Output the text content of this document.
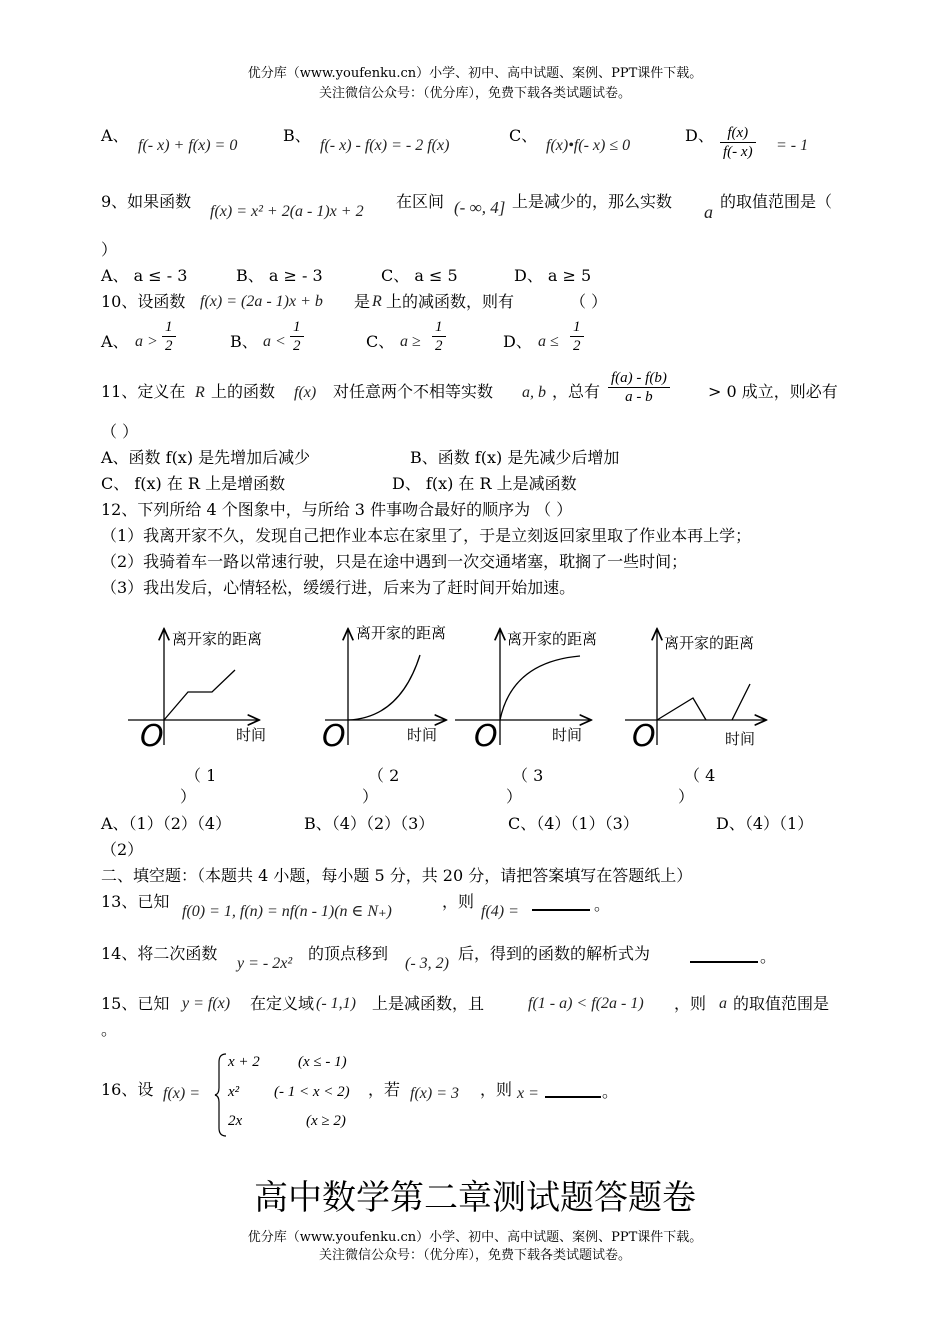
优分库（www.youfenku.cn）小学、初中、高中试题、案例、PPT课件下载。
关注微信公众号：（优分库），免费下载各类试题试卷。
A、
f(- x) + f(x) = 0
B、
f(- x) - f(x) = - 2 f(x)
C、
f(x)•f(- x) ≤ 0
D、 $\frac{f(x)}{f(- x)}$ = - 1
9、如果函数
f(x) = x² + 2(a - 1)x + 2
在区间 (- ∞, 4] 上是减少的，那么实数
a
的取值范围是（
）
A、 a ≤ - 3	B、 a ≥ - 3	C、 a ≤ 5	D、 a ≥ 5
10、设函数 f(x) = (2a - 1)x + b 是 R 上的减函数，则有	（ ）
A、 $a > \frac{1}{2}$	B、 $a < \frac{1}{2}$	C、 $a \ge \frac{1}{2}$	D、 $a \le \frac{1}{2}$
11、定义在 R 上的函数 f(x) 对任意两个不相等实数 a, b ，总有 $\frac{f(a) - f(b)}{a - b} > 0$ 成立，则必有
（ ）
A、函数 f(x) 是先增加后减少	B、函数 f(x) 是先减少后增加
C、 f(x) 在 R 上是增函数	D、 f(x) 在 R 上是减函数
12、下列所给 4 个图象中，与所给 3 件事吻合最好的顺序为 （ ）
（1）我离开家不久，发现自己把作业本忘在家里了，于是立刻返回家里取了作业本再上学；
（2）我骑着车一路以常速行驶，只是在途中遇到一次交通堵塞，耽搁了一些时间；
（3）我出发后，心情轻松，缓缓行进，后来为了赶时间开始加速。
离开家的距离
时间
O
离开家的距离
时间
O
离开家的距离
时间
O
离开家的距离
时间
O
（ 1
）
（ 2
）
（ 3
）
（ 4
）
A、（1）（2）（4）	B、（4）（2）（3）	C、（4）（1）（3）	D、（4）（1）
（2）
二、填空题：（本题共 4 小题，每小题 5 分，共 20 分，请把答案填写在答题纸上）
13、已知
f(0) = 1, f(n) = nf(n - 1)(n ∈ N₊)
，则
f(4) =	。
14、将二次函数
y = - 2x²
的顶点移到
(- 3, 2)
后，得到的函数的解析式为	。
15、已知 y = f(x) 在定义域 (- 1,1) 上是减函数，且	f(1 - a) < f(2a - 1) ，则 a 的取值范围是
。
16、设 f(x) =
x + 2	(x ≤ - 1)
x² (- 1 < x < 2)
2x	(x ≥ 2)
，若 f(x) = 3 ，则 x =	。
高中数学第二章测试题答题卷
优分库（www.youfenku.cn）小学、初中、高中试题、案例、PPT课件下载。
关注微信公众号：（优分库），免费下载各类试题试卷。
